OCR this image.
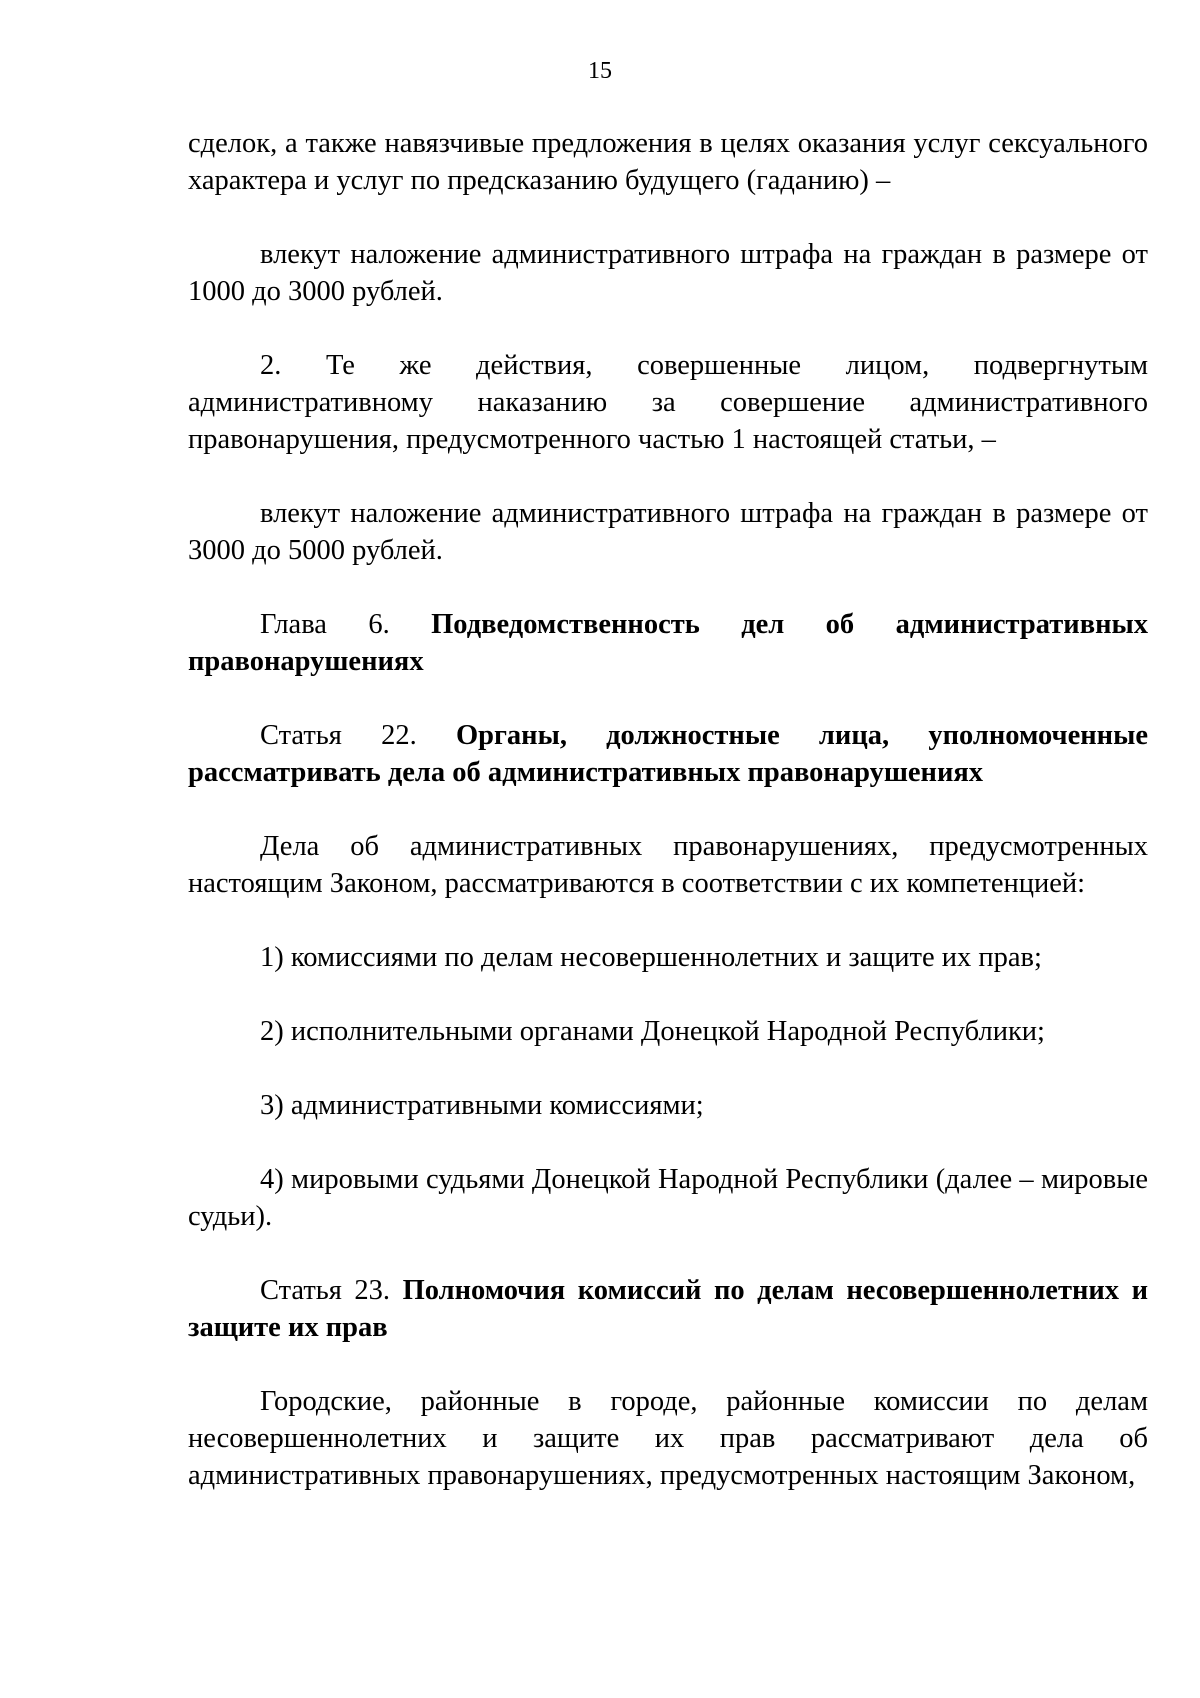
15

сделок, а также навязчивые предложения в целях оказания услуг сексуального характера и услуг по предсказанию будущего (гаданию) –

влекут наложение административного штрафа на граждан в размере от 1000 до 3000 рублей.

2. Те же действия, совершенные лицом, подвергнутым административному наказанию за совершение административного правонарушения, предусмотренного частью 1 настоящей статьи, –

влекут наложение административного штрафа на граждан в размере от 3000 до 5000 рублей.

Глава 6. Подведомственность дел об административных правонарушениях

Статья 22. Органы, должностные лица, уполномоченные рассматривать дела об административных правонарушениях

Дела об административных правонарушениях, предусмотренных настоящим Законом, рассматриваются в соответствии с их компетенцией:

1) комиссиями по делам несовершеннолетних и защите их прав;

2) исполнительными органами Донецкой Народной Республики;

3) административными комиссиями;

4) мировыми судьями Донецкой Народной Республики (далее – мировые судьи).

Статья 23. Полномочия комиссий по делам несовершеннолетних и защите их прав

Городские, районные в городе, районные комиссии по делам несовершеннолетних и защите их прав рассматривают дела об административных правонарушениях, предусмотренных настоящим Законом,
